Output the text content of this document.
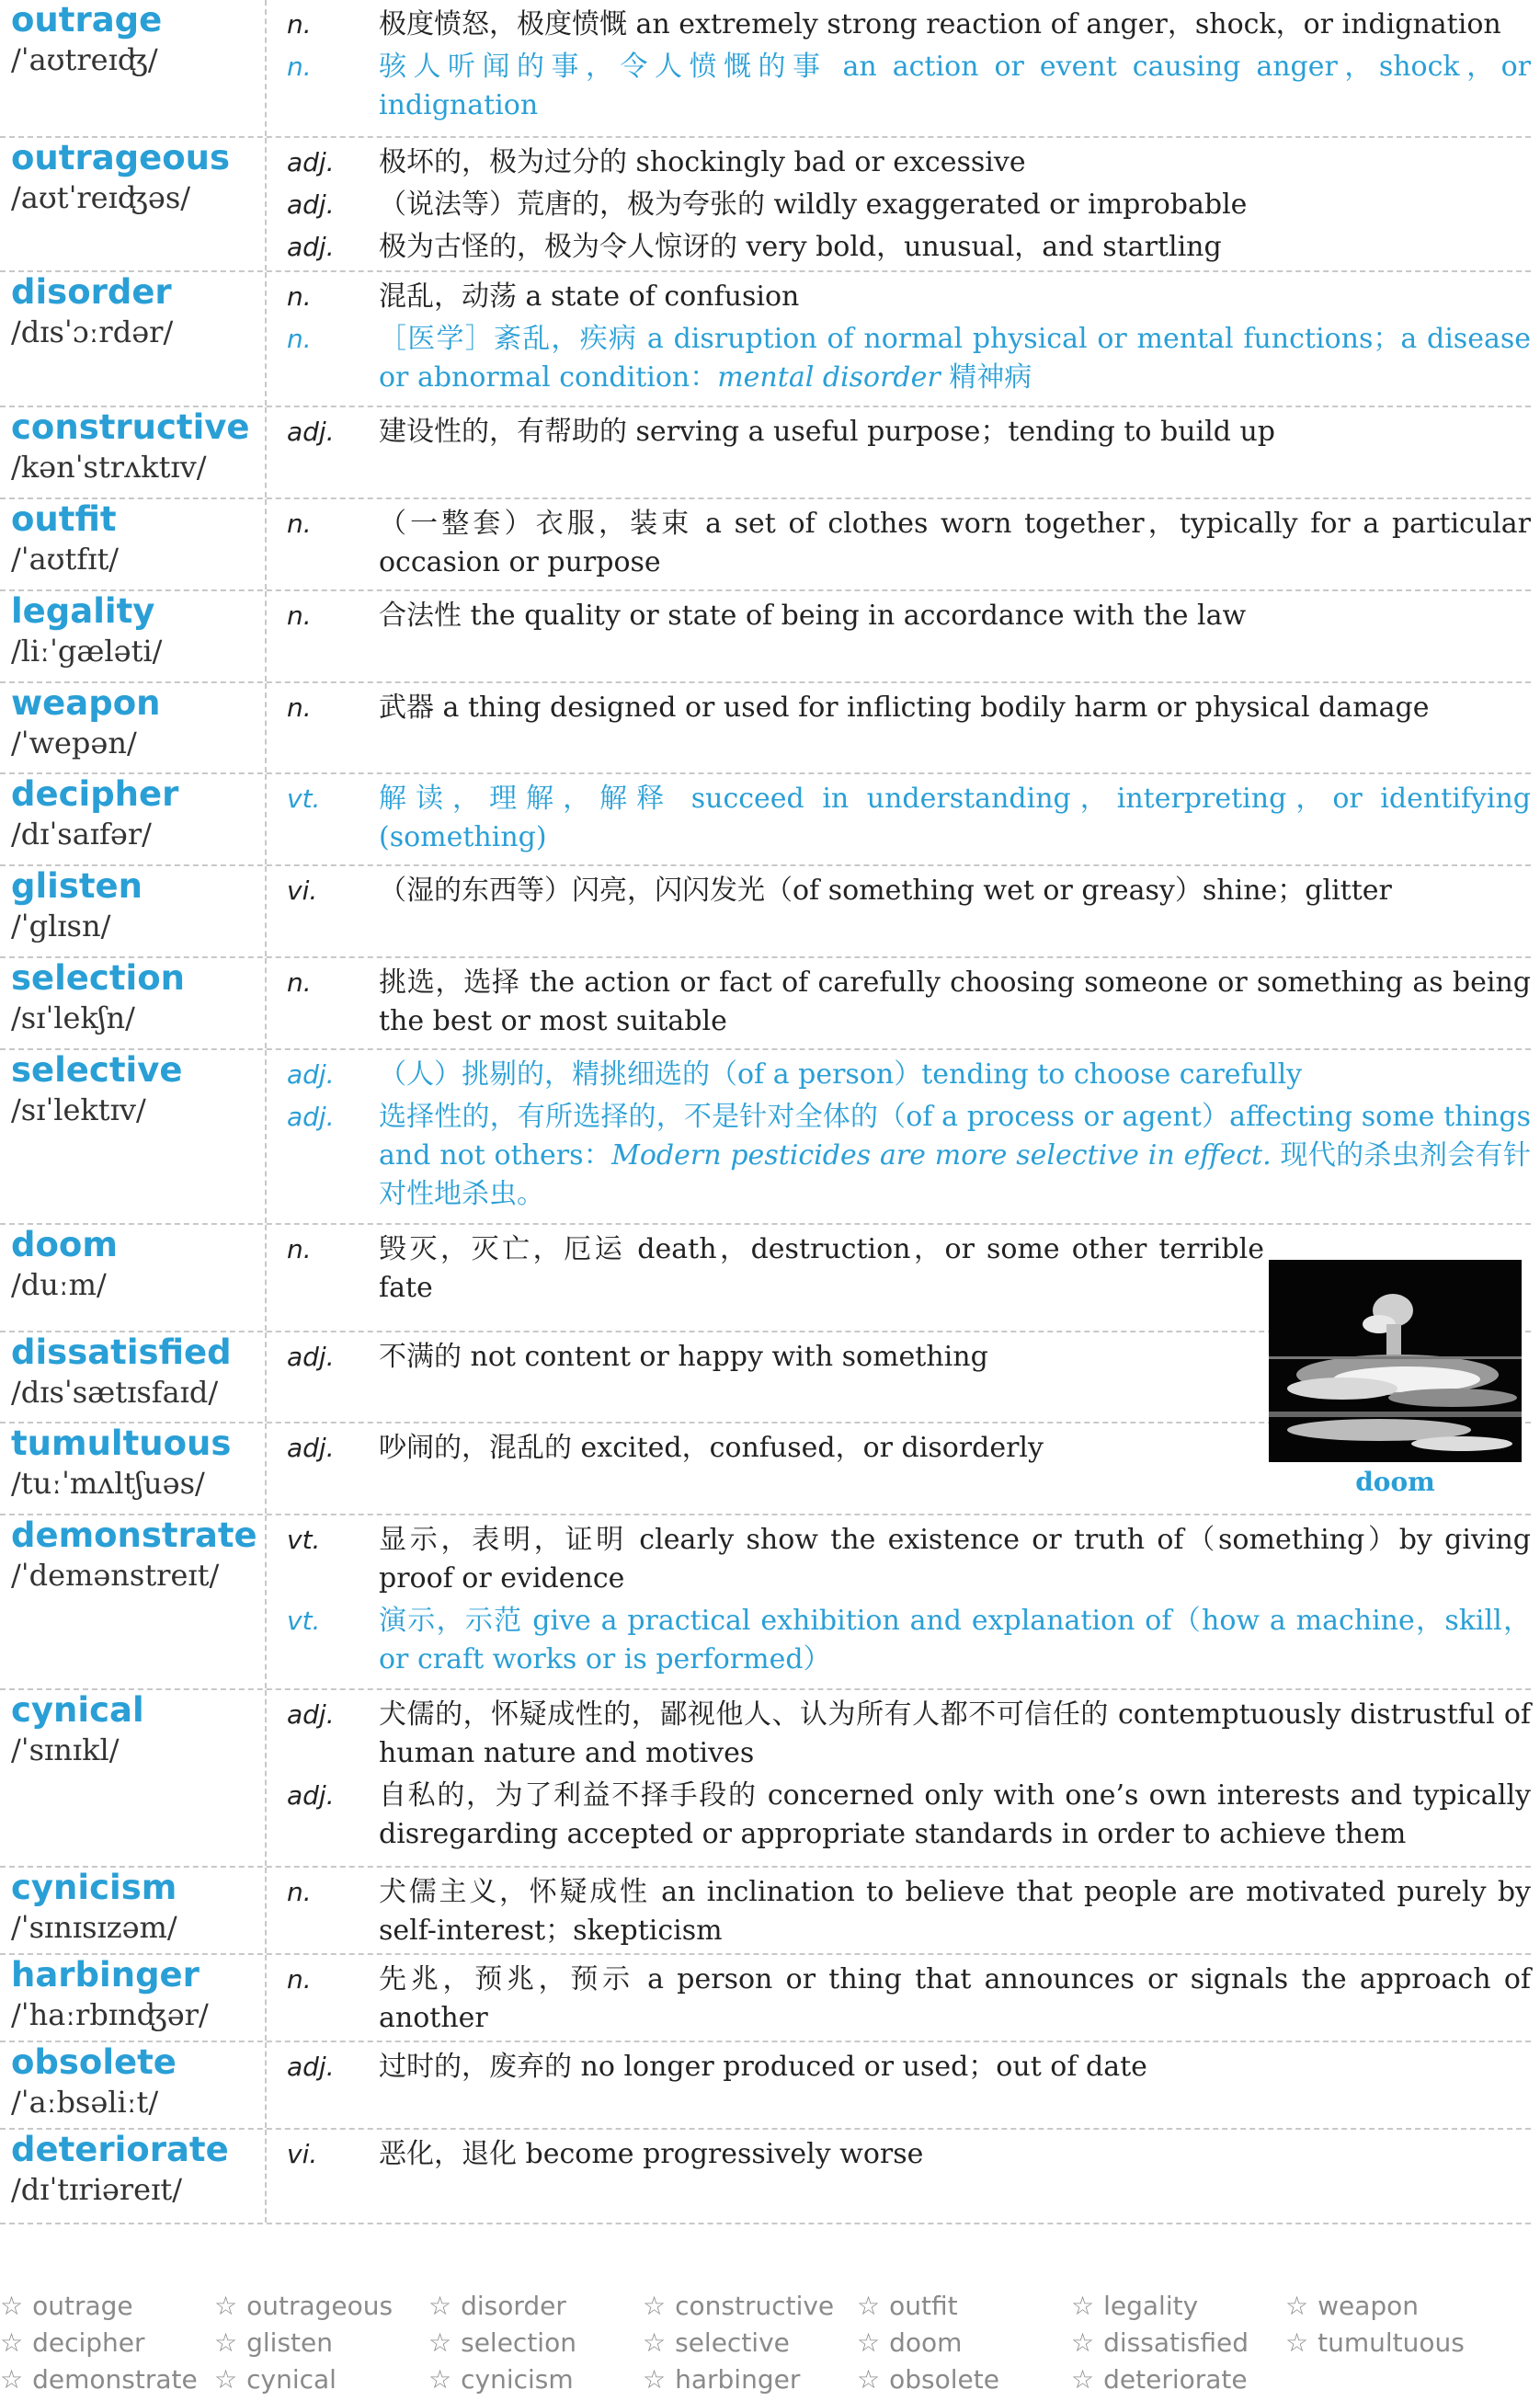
outrage
/ˈaʊtreɪʤ/
n.	极度愤怒，极度愤慨 an extremely strong reaction of anger，shock，or indignation
n.	骇人听闻的事，令人愤慨的事 an action or event causing anger，shock，or indignation
outrageous
/aʊtˈreɪʤəs/
adj.	极坏的，极为过分的 shockingly bad or excessive
adj.	（说法等）荒唐的，极为夸张的 wildly exaggerated or improbable
adj.	极为古怪的，极为令人惊讶的 very bold，unusual，and startling
disorder
/dɪsˈɔːrdər/
n.	混乱，动荡 a state of confusion
n.	［医学］紊乱，疾病 a disruption of normal physical or mental functions；a disease or abnormal condition：mental disorder 精神病
constructive
/kənˈstrʌktɪv/
adj.	建设性的，有帮助的 serving a useful purpose；tending to build up
outfit
/ˈaʊtfɪt/
n.	（一整套）衣服，装束 a set of clothes worn together，typically for a particular occasion or purpose
legality
/liːˈgæləti/
n.	合法性 the quality or state of being in accordance with the law
weapon
/ˈwepən/
n.	武器 a thing designed or used for inflicting bodily harm or physical damage
decipher
/dɪˈsaɪfər/
vt.	解读，理解，解释 succeed in understanding，interpreting，or identifying (something)
glisten
/ˈglɪsn/
vi.	（湿的东西等）闪亮，闪闪发光（of something wet or greasy）shine；glitter
selection
/sɪˈlekʃn/
n.	挑选，选择 the action or fact of carefully choosing someone or something as being the best or most suitable
selective
/sɪˈlektɪv/
adj.	（人）挑剔的，精挑细选的（of a person）tending to choose carefully
adj.	选择性的，有所选择的，不是针对全体的（of a process or agent）affecting some things and not others：Modern pesticides are more selective in effect. 现代的杀虫剂会有针对性地杀虫。
doom
/duːm/
n.	毁灭，灭亡，厄运 death，destruction，or some other terrible fate
dissatisfied
/dɪsˈsætɪsfaɪd/
adj.	不满的 not content or happy with something
tumultuous
/tuːˈmʌltʃuəs/
adj.	吵闹的，混乱的 excited，confused，or disorderly
demonstrate
/ˈdemənstreɪt/
vt.	显示，表明，证明 clearly show the existence or truth of（something）by giving proof or evidence
vt.	演示，示范 give a practical exhibition and explanation of（how a machine，skill，or craft works or is performed）
cynical
/ˈsɪnɪkl/
adj.	犬儒的，怀疑成性的，鄙视他人、认为所有人都不可信任的 contemptuously distrustful of human nature and motives
adj.	自私的，为了利益不择手段的 concerned only with one’s own interests and typically disregarding accepted or appropriate standards in order to achieve them
cynicism
/ˈsɪnɪsɪzəm/
n.	犬儒主义，怀疑成性 an inclination to believe that people are motivated purely by self-interest；skepticism
harbinger
/ˈhaːrbɪnʤər/
n.	先兆，预兆，预示 a person or thing that announces or signals the approach of another
obsolete
/ˈaːbsəliːt/
adj.	过时的，废弃的 no longer produced or used；out of date
deteriorate
/dɪˈtɪriəreɪt/
vi.	恶化，退化 become progressively worse
doom
☆ outrage	☆ outrageous ☆ disorder	☆ constructive ☆ outfit	☆ legality	☆ weapon
☆ decipher	☆ glisten	☆ selection	☆ selective	☆ doom	☆ dissatisfied ☆ tumultuous
☆ demonstrate ☆ cynical	☆ cynicism	☆ harbinger ☆ obsolete	☆ deteriorate
